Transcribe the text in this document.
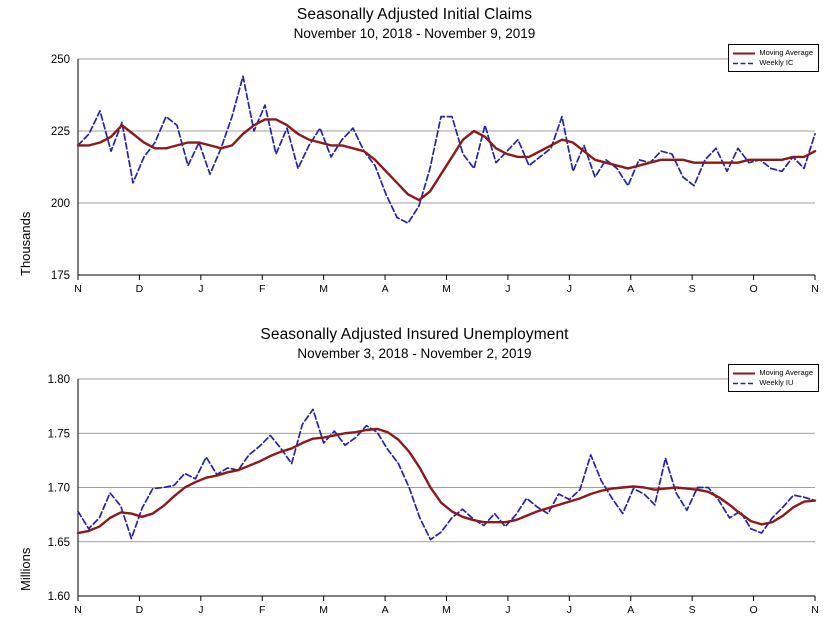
Seasonally Adjusted Initial Claims
November 10, 2018 - November 9, 2019
Thousands
Moving Average
Weekly IC
175
200
225
250
N	D	J	F	M	A	M	J	J	A	S	O	N
Seasonally Adjusted Insured Unemployment
November 3, 2018 - November 2, 2019
Millions
Moving Average
Weekly IU
1.60
1.65
1.70
1.75
1.80
N	D	J	F	M	A	M	J	J	A	S	O	N
